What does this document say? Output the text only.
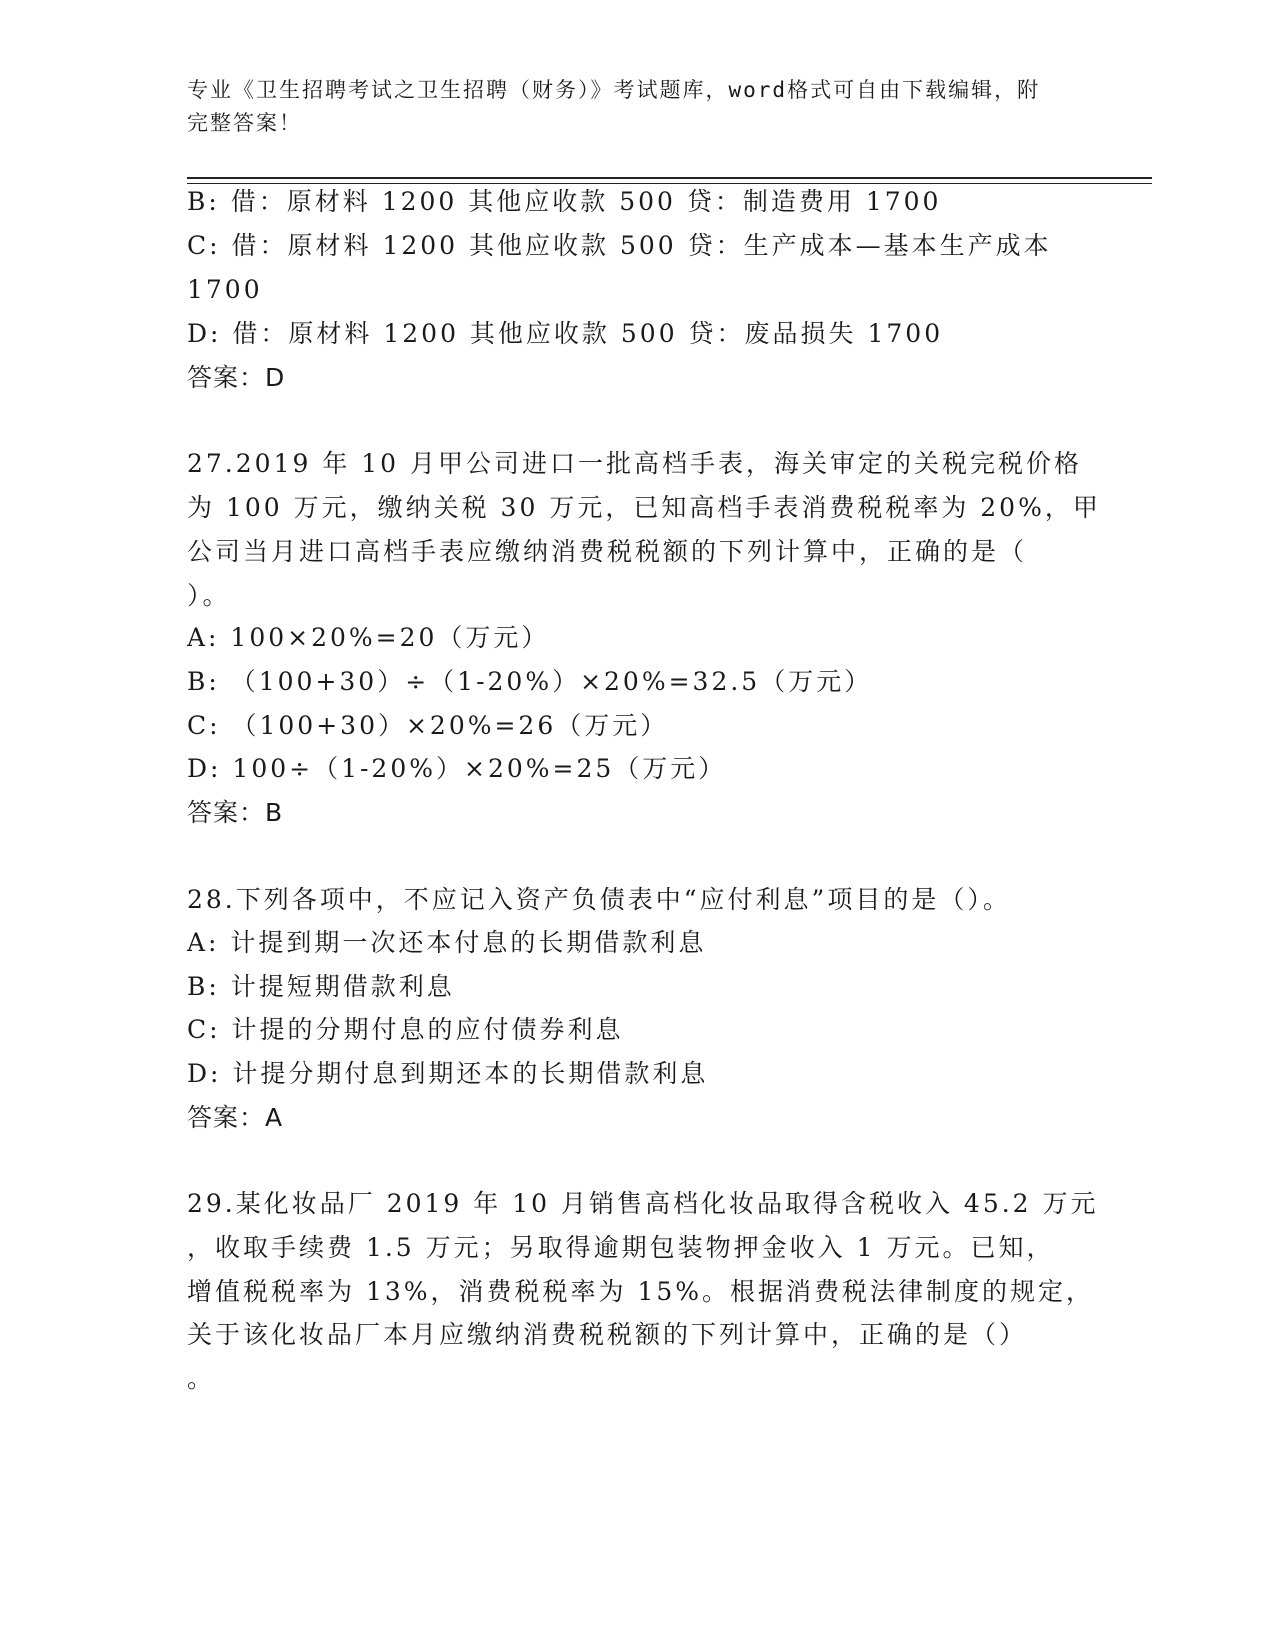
专业《卫生招聘考试之卫生招聘（财务）》考试题库，word格式可自由下载编辑，附完整答案！
B: 借：原材料 1200 其他应收款 500 贷：制造费用 1700
C: 借：原材料 1200 其他应收款 500 贷：生产成本—基本生产成本
1700
D: 借：原材料 1200 其他应收款 500 贷：废品损失 1700
答案：D
27.2019 年 10 月甲公司进口一批高档手表，海关审定的关税完税价格
为 100 万元，缴纳关税 30 万元，已知高档手表消费税税率为 20%，甲
公司当月进口高档手表应缴纳消费税税额的下列计算中，正确的是（
）。
A: 100×20%=20（万元）
B: （100+30）÷（1-20%）×20%=32.5（万元）
C: （100+30）×20%=26（万元）
D: 100÷（1-20%）×20%=25（万元）
答案：B
28.下列各项中，不应记入资产负债表中“应付利息”项目的是（）。
A: 计提到期一次还本付息的长期借款利息
B: 计提短期借款利息
C: 计提的分期付息的应付债券利息
D: 计提分期付息到期还本的长期借款利息
答案：A
29.某化妆品厂 2019 年 10 月销售高档化妆品取得含税收入 45.2 万元
，收取手续费 1.5 万元；另取得逾期包装物押金收入 1 万元。已知，
增值税税率为 13%，消费税税率为 15%。根据消费税法律制度的规定，
关于该化妆品厂本月应缴纳消费税税额的下列计算中，正确的是（）
。
